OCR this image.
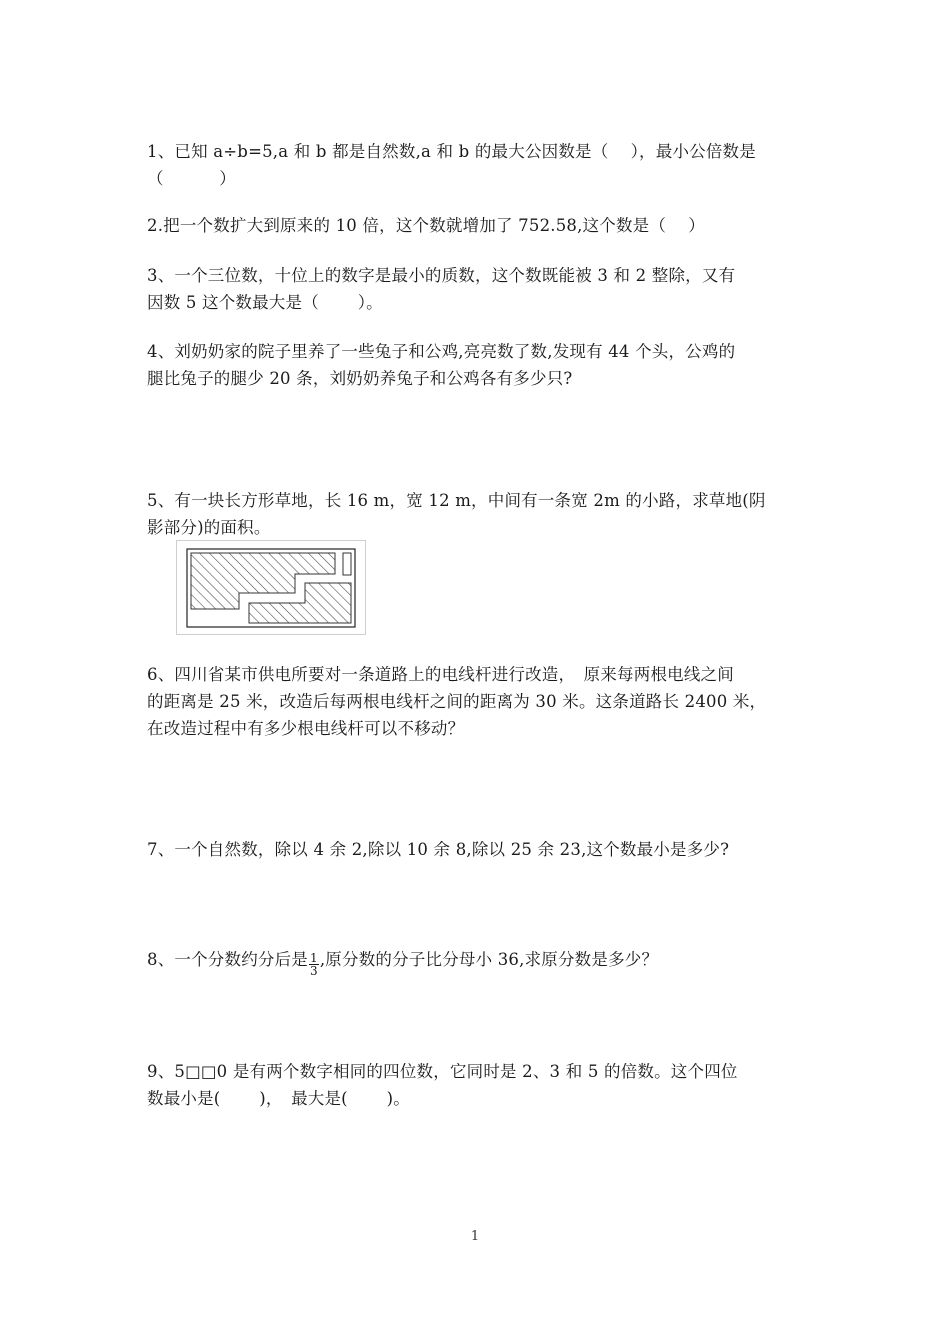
1、已知 a÷b=5,a 和 b 都是自然数,a 和 b 的最大公因数是（　 ），最小公倍数是
（　　　 ）
2.把一个数扩大到原来的 10 倍，这个数就增加了 752.58,这个数是（　 ）
3、一个三位数，十位上的数字是最小的质数，这个数既能被 3 和 2 整除，又有
因数 5 这个数最大是（　　 ）。
4、刘奶奶家的院子里养了一些兔子和公鸡,亮亮数了数,发现有 44 个头，公鸡的
腿比兔子的腿少 20 条，刘奶奶养兔子和公鸡各有多少只?
5、有一块长方形草地，长 16 m，宽 12 m，中间有一条宽 2m 的小路，求草地(阴
影部分)的面积。
6、四川省某市供电所要对一条道路上的电线杆进行改造，　原来每两根电线之间
的距离是 25 米，改造后每两根电线杆之间的距离为 30 米。这条道路长 2400 米，
在改造过程中有多少根电线杆可以不移动？
7、一个自然数，除以 4 余 2,除以 10 余 8,除以 25 余 23,这个数最小是多少?
8、一个分数约分后是 $\frac{1}{3}$ ,原分数的分子比分母小 36,求原分数是多少？
9、5□□0 是有两个数字相同的四位数，它同时是 2、3 和 5 的倍数。这个四位
数最小是(　　 )，　最大是(　　 )。
1
